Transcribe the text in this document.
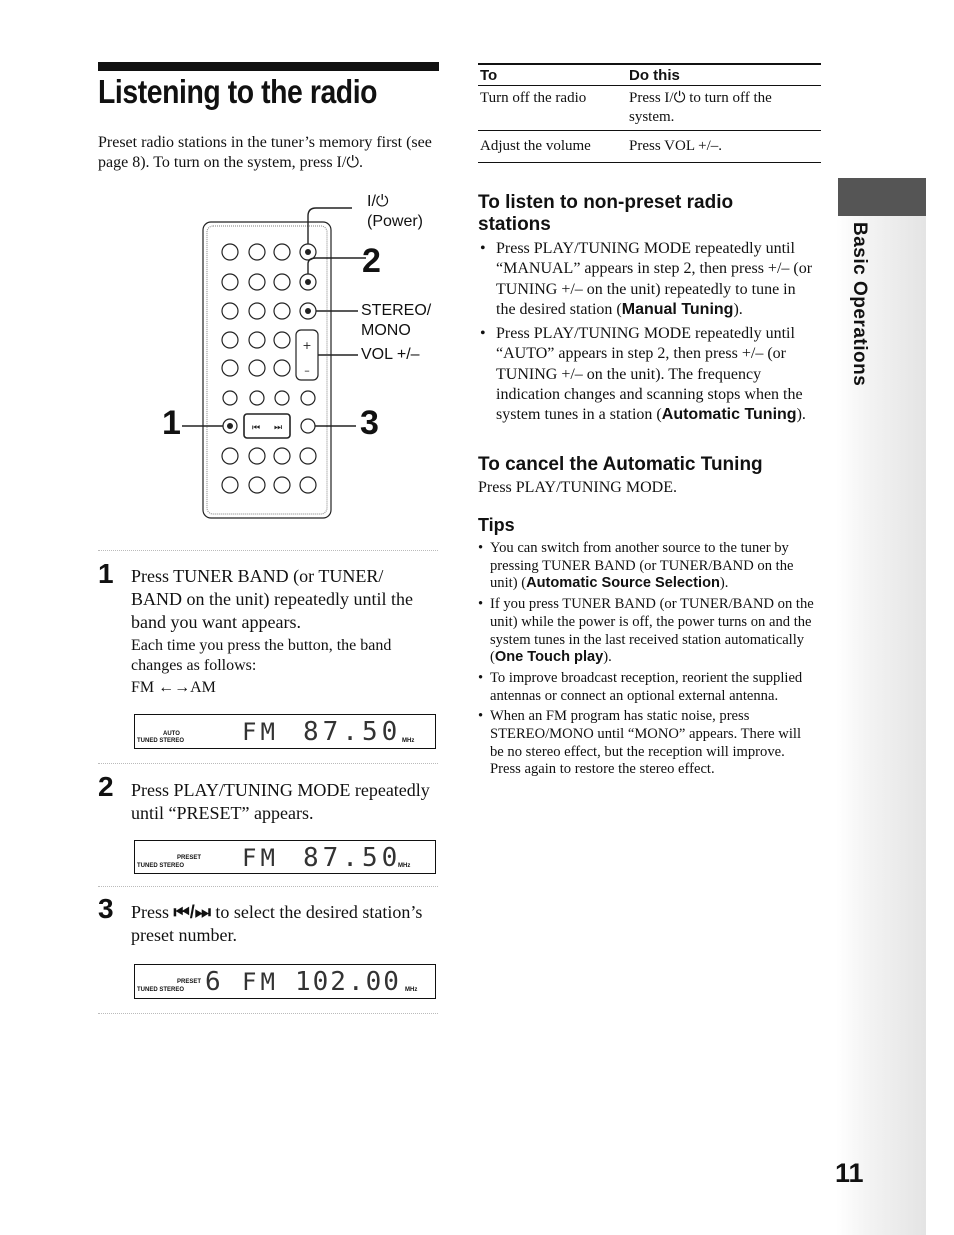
Listening to the radio
Preset radio stations in the tuner’s memory first (see page 8). To turn on the system, press I/⏻.
+
–
⏮ ⏭
I/⏻
(Power)
2
STEREO/
MONO
VOL +/–
1	3
1 Press TUNER BAND (or TUNER/ BAND on the unit) repeatedly until the band you want appears.
Each time you press the button, the band changes as follows:
FM ←→AM
AUTO
TUNED STEREO FM 87.50 MHz
2 Press PLAY/TUNING MODE repeatedly until “PRESET” appears.
PRESET
TUNED STEREO FM 87.50
MHz
3 Press ⏮/⏭ to select the desired station’s preset number.
PRESET
TUNED STEREO 6 FM 102.00 MHz
To	Do this
Turn off the radio	Press I/⏻ to turn off the system.
Adjust the volume	Press VOL +/–.
To listen to non-preset radio stations
• Press PLAY/TUNING MODE repeatedly until “MANUAL” appears in step 2, then press +/– (or TUNING +/– on the unit) repeatedly to tune in the desired station (Manual Tuning).
• Press PLAY/TUNING MODE repeatedly until “AUTO” appears in step 2, then press +/– (or TUNING +/– on the unit). The frequency indication changes and scanning stops when the system tunes in a station (Automatic Tuning).
To cancel the Automatic Tuning
Press PLAY/TUNING MODE.
Tips
• You can switch from another source to the tuner by pressing TUNER BAND (or TUNER/BAND on the unit) (Automatic Source Selection).
• If you press TUNER BAND (or TUNER/BAND on the unit) while the power is off, the power turns on and the system tunes in the last received station automatically (One Touch play).
• To improve broadcast reception, reorient the supplied antennas or connect an optional external antenna.
• When an FM program has static noise, press STEREO/MONO until “MONO” appears. There will be no stereo effect, but the reception will improve. Press again to restore the stereo effect.
Basic Operations
11
